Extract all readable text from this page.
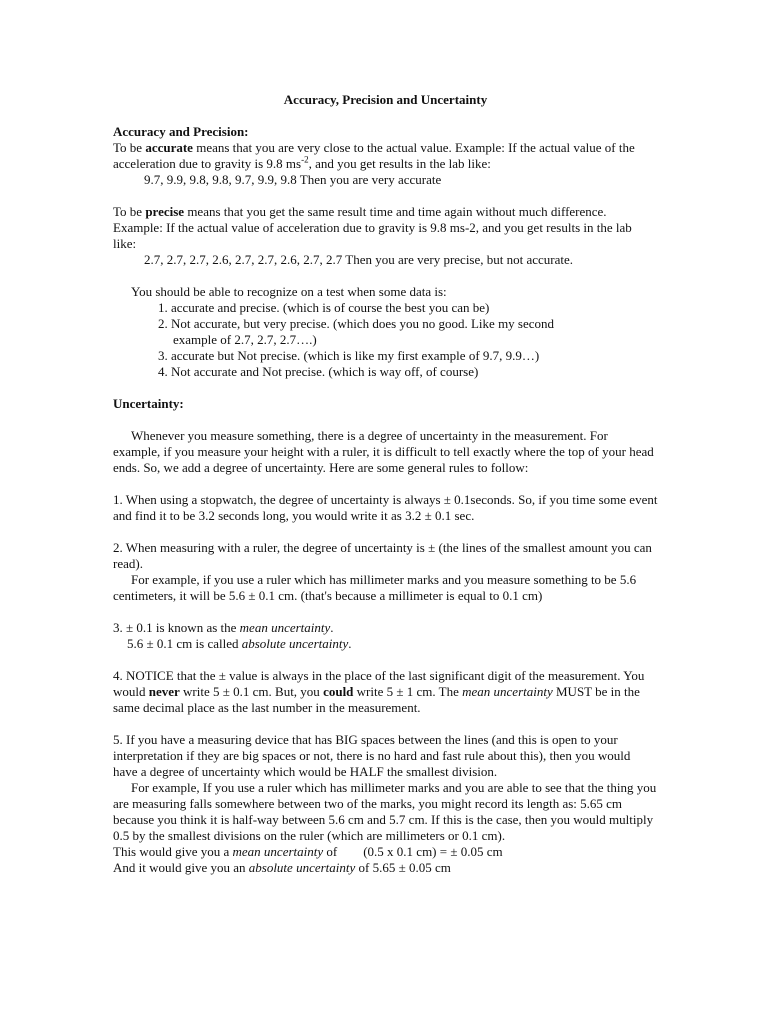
Accuracy, Precision and Uncertainty
Accuracy and Precision:

To be accurate means that you are very close to the actual value. Example: If the actual value of the acceleration due to gravity is 9.8 $ms^{-2}$, and you get results in the lab like:

9.7, 9.9, 9.8, 9.8, 9.7, 9.9, 9.8 Then you are very accurate

To be precise means that you get the same result time and time again without much difference. Example: If the actual value of acceleration due to gravity is 9.8 ms-2, and you get results in the lab like:

2.7, 2.7, 2.7, 2.6, 2.7, 2.7, 2.6, 2.7, 2.7 Then you are very precise, but not accurate.

You should be able to recognize on a test when some data is:

1. accurate and precise. (which is of course the best you can be)

2. Not accurate, but very precise. (which does you no good. Like my second

example of 2.7, 2.7, 2.7….)

3. accurate but Not precise. (which is like my first example of 9.7, 9.9…)

4. Not accurate and Not precise. (which is way off, of course)

Uncertainty:

Whenever you measure something, there is a degree of uncertainty in the measurement. For example, if you measure your height with a ruler, it is difficult to tell exactly where the top of your head ends. So, we add a degree of uncertainty. Here are some general rules to follow:

1. When using a stopwatch, the degree of uncertainty is always ± 0.1seconds. So, if you time some event and find it to be 3.2 seconds long, you would write it as 3.2 ± 0.1 sec.

2. When measuring with a ruler, the degree of uncertainty is ± (the lines of the smallest amount you can read).

For example, if you use a ruler which has millimeter marks and you measure something to be 5.6 centimeters, it will be 5.6 ± 0.1 cm. (that's because a millimeter is equal to 0.1 cm)

3. ± 0.1 is known as the mean uncertainty.

5.6 ± 0.1 cm is called absolute uncertainty.

4. NOTICE that the ± value is always in the place of the last significant digit of the measurement. You would never write 5 ± 0.1 cm. But, you could write 5 ± 1 cm. The mean uncertainty MUST be in the same decimal place as the last number in the measurement.

5. If you have a measuring device that has BIG spaces between the lines (and this is open to your interpretation if they are big spaces or not, there is no hard and fast rule about this), then you would have a degree of uncertainty which would be HALF the smallest division.

For example, If you use a ruler which has millimeter marks and you are able to see that the thing you are measuring falls somewhere between two of the marks, you might record its length as: 5.65 cm because you think it is half-way between 5.6 cm and 5.7 cm. If this is the case, then you would multiply 0.5 by the smallest divisions on the ruler (which are millimeters or 0.1 cm).

This would give you a mean uncertainty of        (0.5 x 0.1 cm) = ± 0.05 cm

And it would give you an absolute uncertainty of 5.65 ± 0.05 cm
